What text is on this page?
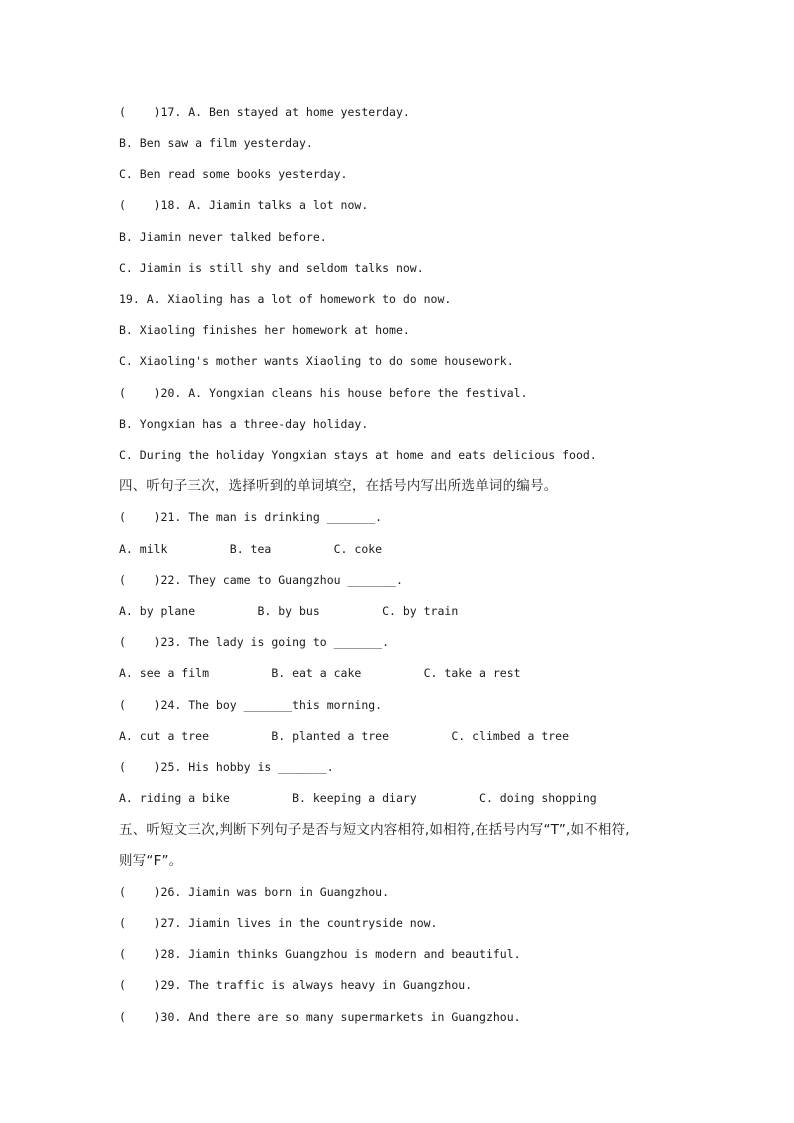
(    )17. A. Ben stayed at home yesterday.
B. Ben saw a film yesterday.
C. Ben read some books yesterday.
(    )18. A. Jiamin talks a lot now.
B. Jiamin never talked before.
C. Jiamin is still shy and seldom talks now.
19. A. Xiaoling has a lot of homework to do now.
B. Xiaoling finishes her homework at home.
C. Xiaoling's mother wants Xiaoling to do some housework.
(    )20. A. Yongxian cleans his house before the festival.
B. Yongxian has a three-day holiday.
C. During the holiday Yongxian stays at home and eats delicious food.
四、听句子三次，选择听到的单词填空，在括号内写出所选单词的编号。
(    )21. The man is drinking _______.
A. milk         B. tea         C. coke
(    )22. They came to Guangzhou _______.
A. by plane         B. by bus         C. by train
(    )23. The lady is going to _______.
A. see a film         B. eat a cake         C. take a rest
(    )24. The boy _______this morning.
A. cut a tree         B. planted a tree         C. climbed a tree
(    )25. His hobby is _______.
A. riding a bike         B. keeping a diary         C. doing shopping
五、听短文三次,判断下列句子是否与短文内容相符,如相符,在括号内写“T”,如不相符,
则写“F”。
(    )26. Jiamin was born in Guangzhou.
(    )27. Jiamin lives in the countryside now.
(    )28. Jiamin thinks Guangzhou is modern and beautiful.
(    )29. The traffic is always heavy in Guangzhou.
(    )30. And there are so many supermarkets in Guangzhou.
